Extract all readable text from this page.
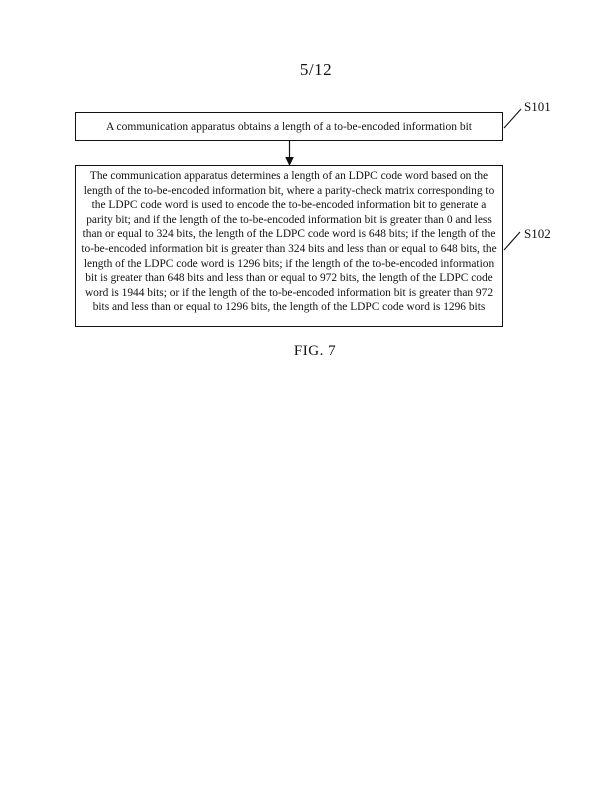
5/12
A communication apparatus obtains a length of a to-be-encoded information bit
S101
The communication apparatus determines a length of an LDPC code word based on the length of the to-be-encoded information bit, where a parity-check matrix corresponding to the LDPC code word is used to encode the to-be-encoded information bit to generate a parity bit; and if the length of the to-be-encoded information bit is greater than 0 and less than or equal to 324 bits, the length of the LDPC code word is 648 bits; if the length of the to-be-encoded information bit is greater than 324 bits and less than or equal to 648 bits, the length of the LDPC code word is 1296 bits; if the length of the to-be-encoded information bit is greater than 648 bits and less than or equal to 972 bits, the length of the LDPC code word is 1944 bits; or if the length of the to-be-encoded information bit is greater than 972 bits and less than or equal to 1296 bits, the length of the LDPC code word is 1296 bits
S102
FIG. 7
